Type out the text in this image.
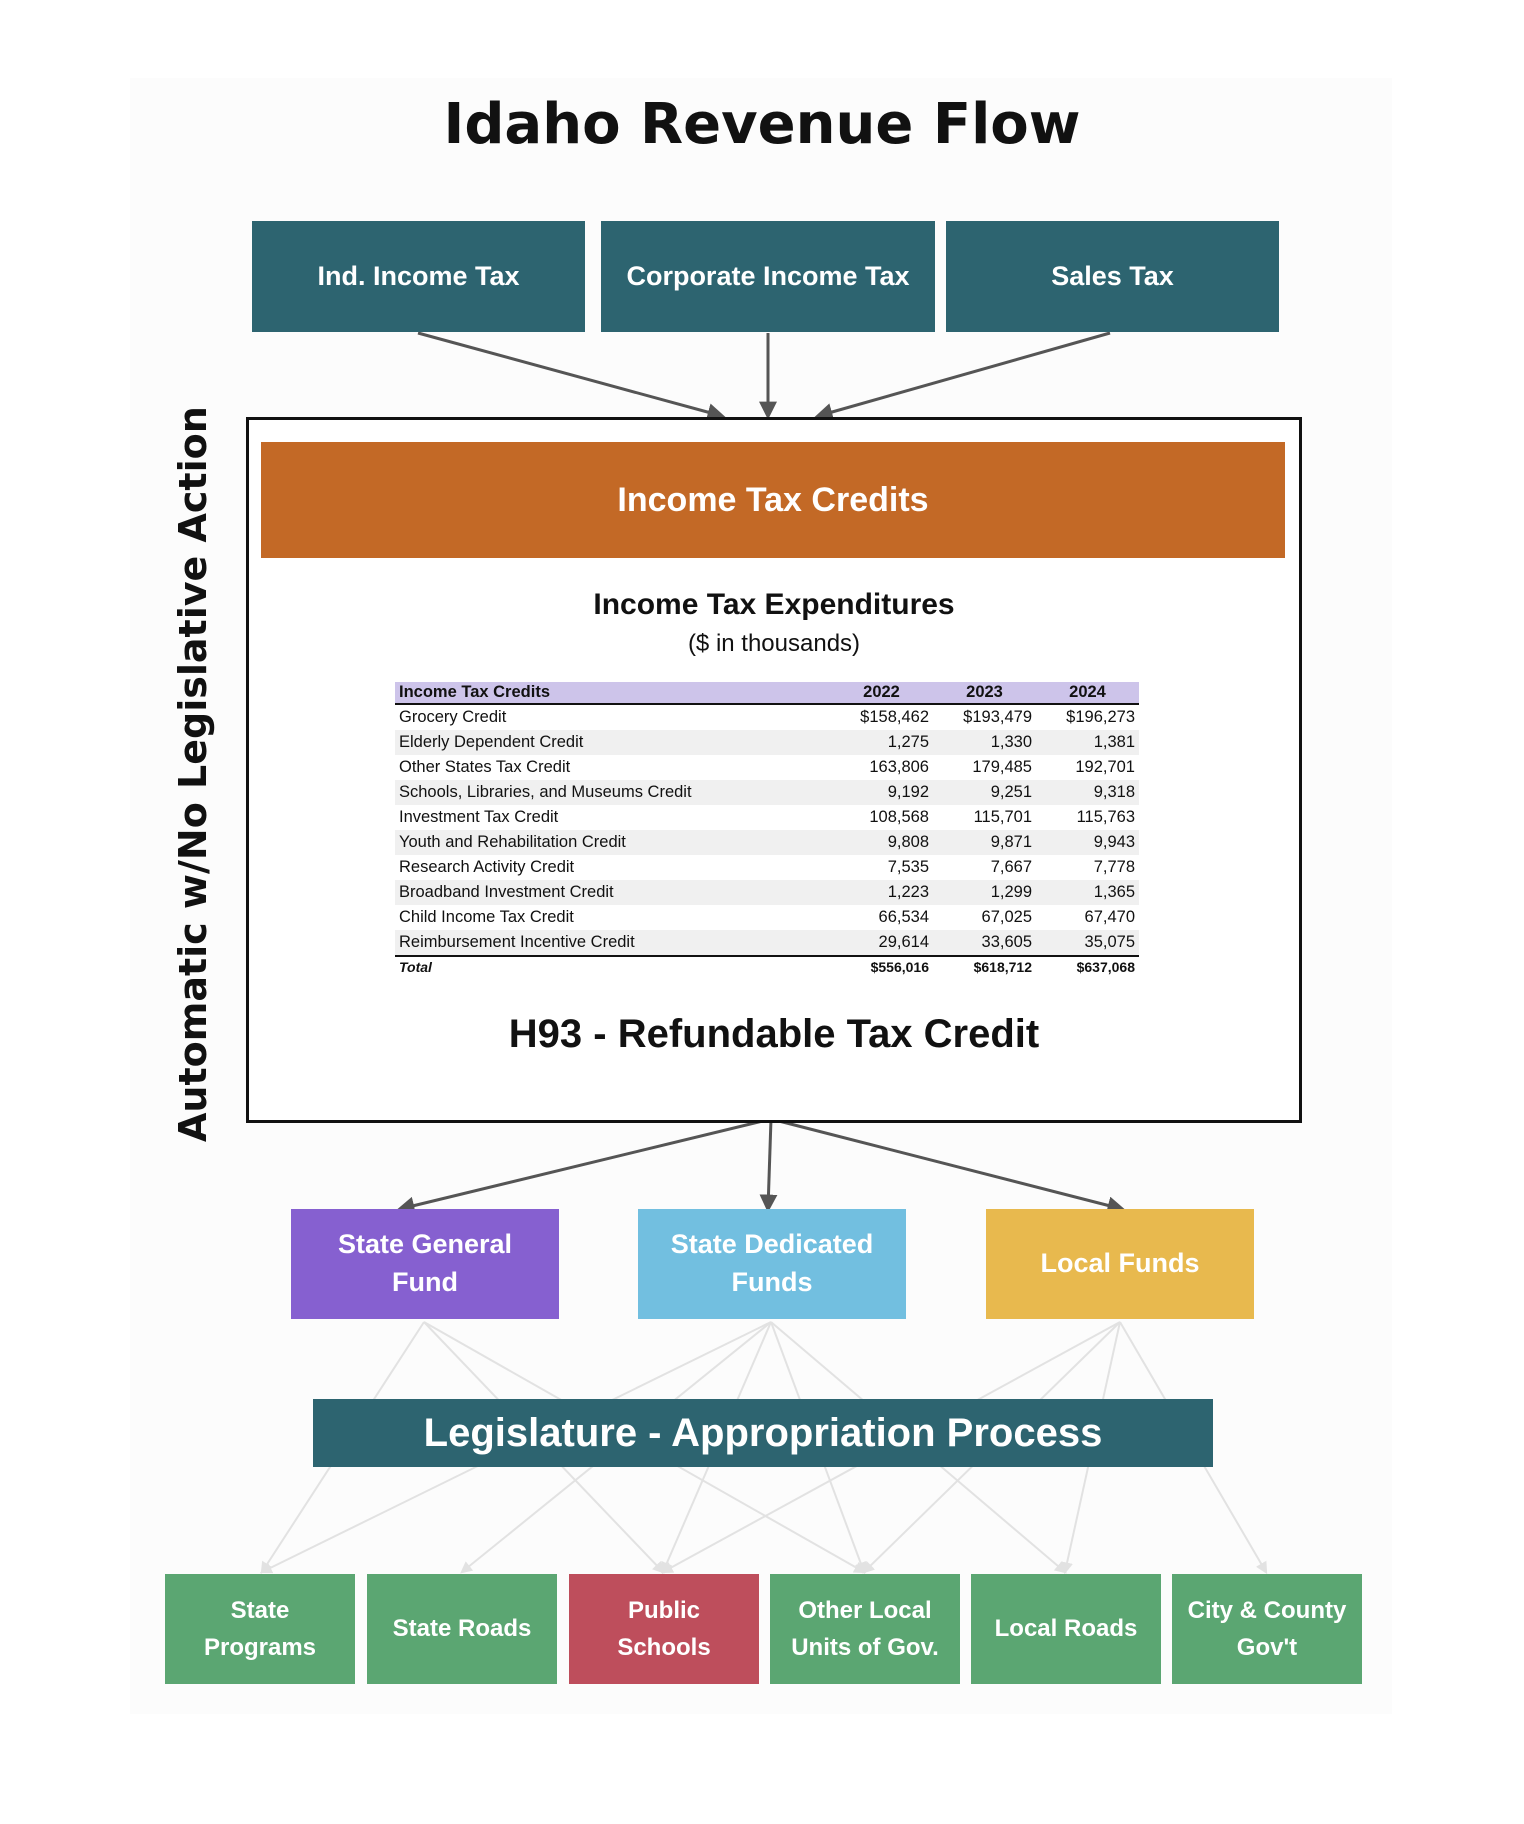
Idaho Revenue Flow
Automatic w/No Legislative Action
Ind. Income Tax	Corporate Income Tax	Sales Tax
Income Tax Credits
Income Tax Expenditures
($ in thousands)
Income Tax Credits	2022	2023	2024
Grocery Credit	$158,462	$193,479	$196,273
Elderly Dependent Credit	1,275	1,330	1,381
Other States Tax Credit	163,806	179,485	192,701
Schools, Libraries, and Museums Credit	9,192	9,251	9,318
Investment Tax Credit	108,568	115,701	115,763
Youth and Rehabilitation Credit	9,808	9,871	9,943
Research Activity Credit	7,535	7,667	7,778
Broadband Investment Credit	1,223	1,299	1,365
Child Income Tax Credit	66,534	67,025	67,470
Reimbursement Incentive Credit	29,614	33,605	35,075
Total	$556,016	$618,712	$637,068
H93 - Refundable Tax Credit
State General
Fund
State Dedicated
Funds
Local Funds
Legislature - Appropriation Process
State
Programs
State Roads
Public
Schools
Other Local
Units of Gov.
Local Roads
City & County
Gov't
